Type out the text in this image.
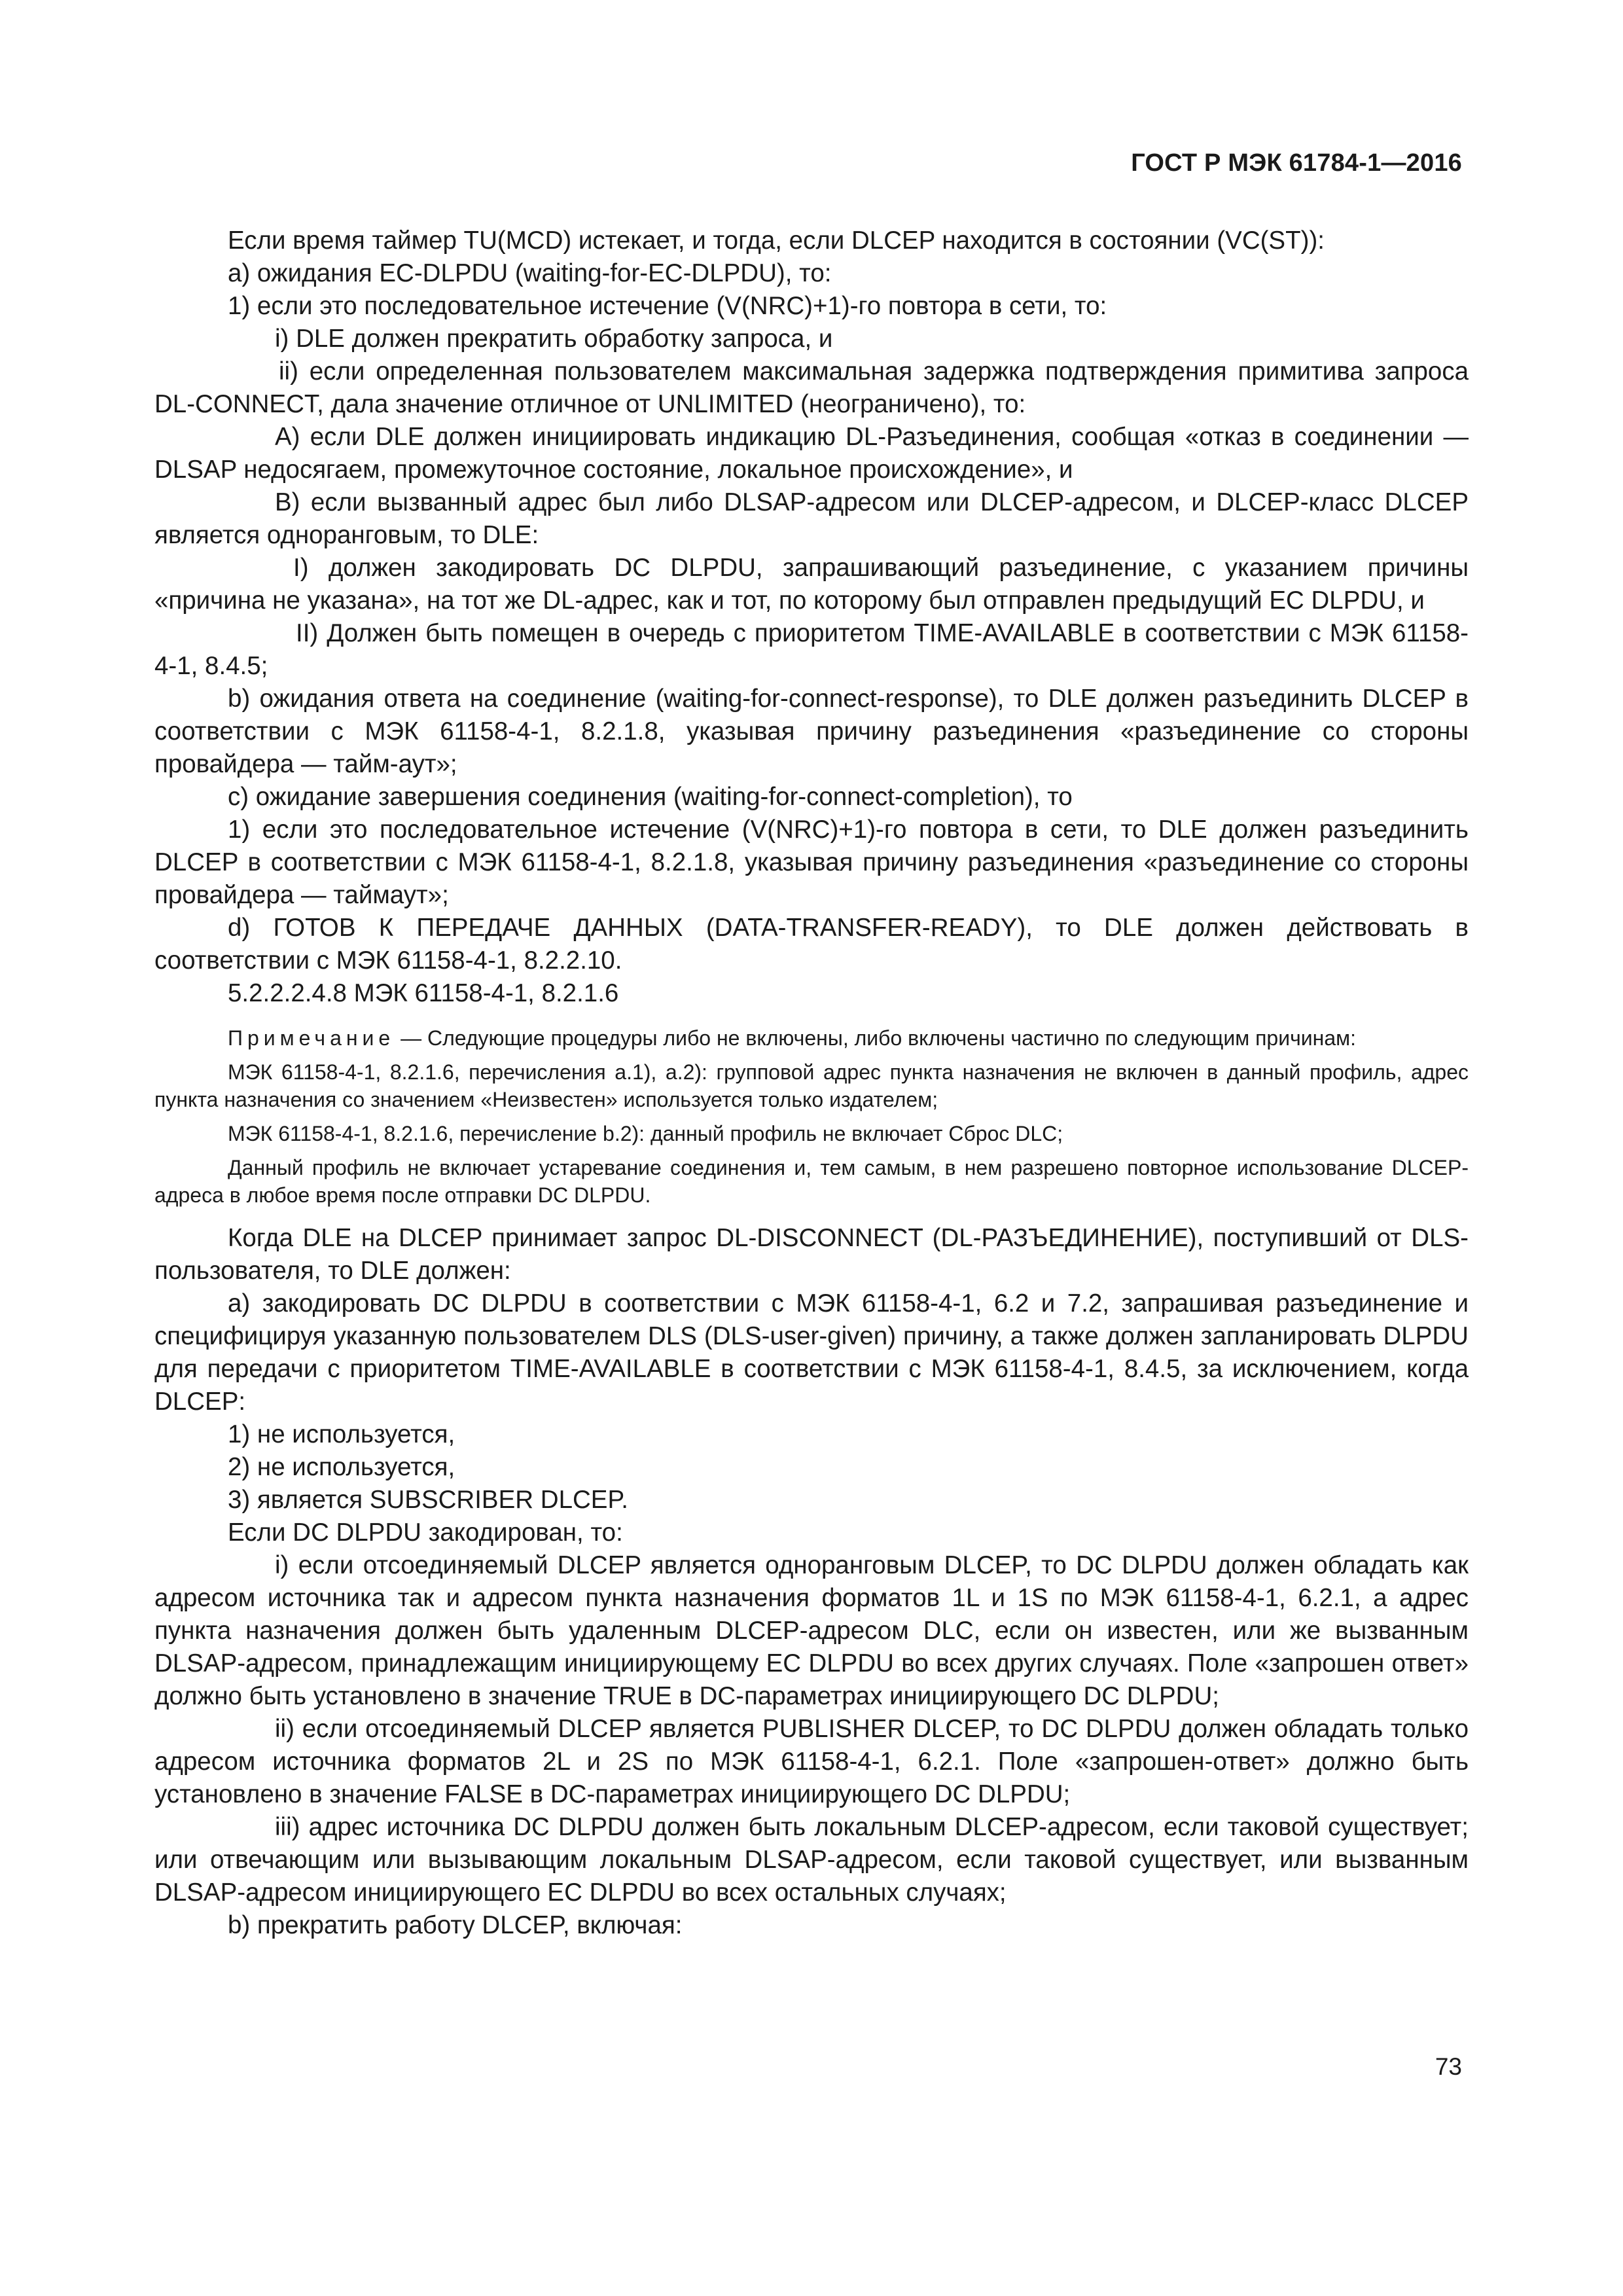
ГОСТ Р МЭК 61784-1—2016

Если время таймер TU(MCD) истекает, и тогда, если DLCEP находится в состоянии (VC(ST)):

а) ожидания EC-DLPDU (waiting-for-EC-DLPDU), то:

1) если это последовательное истечение (V(NRC)+1)-го повтора в сети, то:

i) DLE должен прекратить обработку запроса, и

ii) если определенная пользователем максимальная задержка подтверждения примитива запроса DL-CONNECT, дала значение отличное от UNLIMITED (неограничено), то:

A) если DLE должен инициировать индикацию DL-Разъединения, сообщая «отказ в соединении — DLSAP недосягаем, промежуточное состояние, локальное происхождение», и

B) если вызванный адрес был либо DLSAP-адресом или DLCEP-адресом, и DLCEP-класс DLCEP является одноранговым, то DLE:

I) должен закодировать DC DLPDU, запрашивающий разъединение, с указанием причины «причина не указана», на тот же DL-адрес, как и тот, по которому был отправлен предыдущий EC DLPDU, и

II) Должен быть помещен в очередь с приоритетом TIME-AVAILABLE в соответствии с МЭК 61158-4-1, 8.4.5;

b) ожидания ответа на соединение (waiting-for-connect-response), то DLE должен разъединить DLCEP в соответствии с МЭК 61158-4-1, 8.2.1.8, указывая причину разъединения «разъединение со стороны провайдера — тайм-аут»;

c) ожидание завершения соединения (waiting-for-connect-completion), то

1) если это последовательное истечение (V(NRC)+1)-го повтора в сети, то DLE должен разъединить DLCEP в соответствии с МЭК 61158-4-1, 8.2.1.8, указывая причину разъединения «разъединение со стороны провайдера — таймаут»;

d) ГОТОВ К ПЕРЕДАЧЕ ДАННЫХ (DATA-TRANSFER-READY), то DLE должен действовать в соответствии с МЭК 61158-4-1, 8.2.2.10.

5.2.2.2.4.8 МЭК 61158-4-1, 8.2.1.6

Примечание — Следующие процедуры либо не включены, либо включены частично по следующим причинам:

МЭК 61158-4-1, 8.2.1.6, перечисления a.1), a.2): групповой адрес пункта назначения не включен в данный профиль, адрес пункта назначения со значением «Неизвестен» используется только издателем;

МЭК 61158-4-1, 8.2.1.6, перечисление b.2): данный профиль не включает Сброс DLC;

Данный профиль не включает устаревание соединения и, тем самым, в нем разрешено повторное использование DLCEP-адреса в любое время после отправки DC DLPDU.

Когда DLE на DLCEP принимает запрос DL-DISCONNECT (DL-РАЗЪЕДИНЕНИЕ), поступивший от DLS-пользователя, то DLE должен:

a) закодировать DC DLPDU в соответствии с МЭК 61158-4-1, 6.2 и 7.2, запрашивая разъединение и специфицируя указанную пользователем DLS (DLS-user-given) причину, а также должен запланировать DLPDU для передачи с приоритетом TIME-AVAILABLE в соответствии с МЭК 61158-4-1, 8.4.5, за исключением, когда DLCEP:

1) не используется,

2) не используется,

3) является SUBSCRIBER DLCEP.

Если DC DLPDU закодирован, то:

i) если отсоединяемый DLCEP является одноранговым DLCEP, то DC DLPDU должен обладать как адресом источника так и адресом пункта назначения форматов 1L и 1S по МЭК 61158-4-1, 6.2.1, а адрес пункта назначения должен быть удаленным DLCEP-адресом DLC, если он известен, или же вызванным DLSAP-адресом, принадлежащим инициирующему EC DLPDU во всех других случаях. Поле «запрошен ответ» должно быть установлено в значение TRUE в DC-параметрах инициирующего DC DLPDU;

ii) если отсоединяемый DLCEP является PUBLISHER DLCEP, то DC DLPDU должен обладать только адресом источника форматов 2L и 2S по МЭК 61158-4-1, 6.2.1. Поле «запрошен-ответ» должно быть установлено в значение FALSE в DC-параметрах инициирующего DC DLPDU;

iii) адрес источника DC DLPDU должен быть локальным DLCEP-адресом, если таковой существует; или отвечающим или вызывающим локальным DLSAP-адресом, если таковой существует, или вызванным DLSAP-адресом инициирующего EC DLPDU во всех остальных случаях;

b) прекратить работу DLCEP, включая:

73
